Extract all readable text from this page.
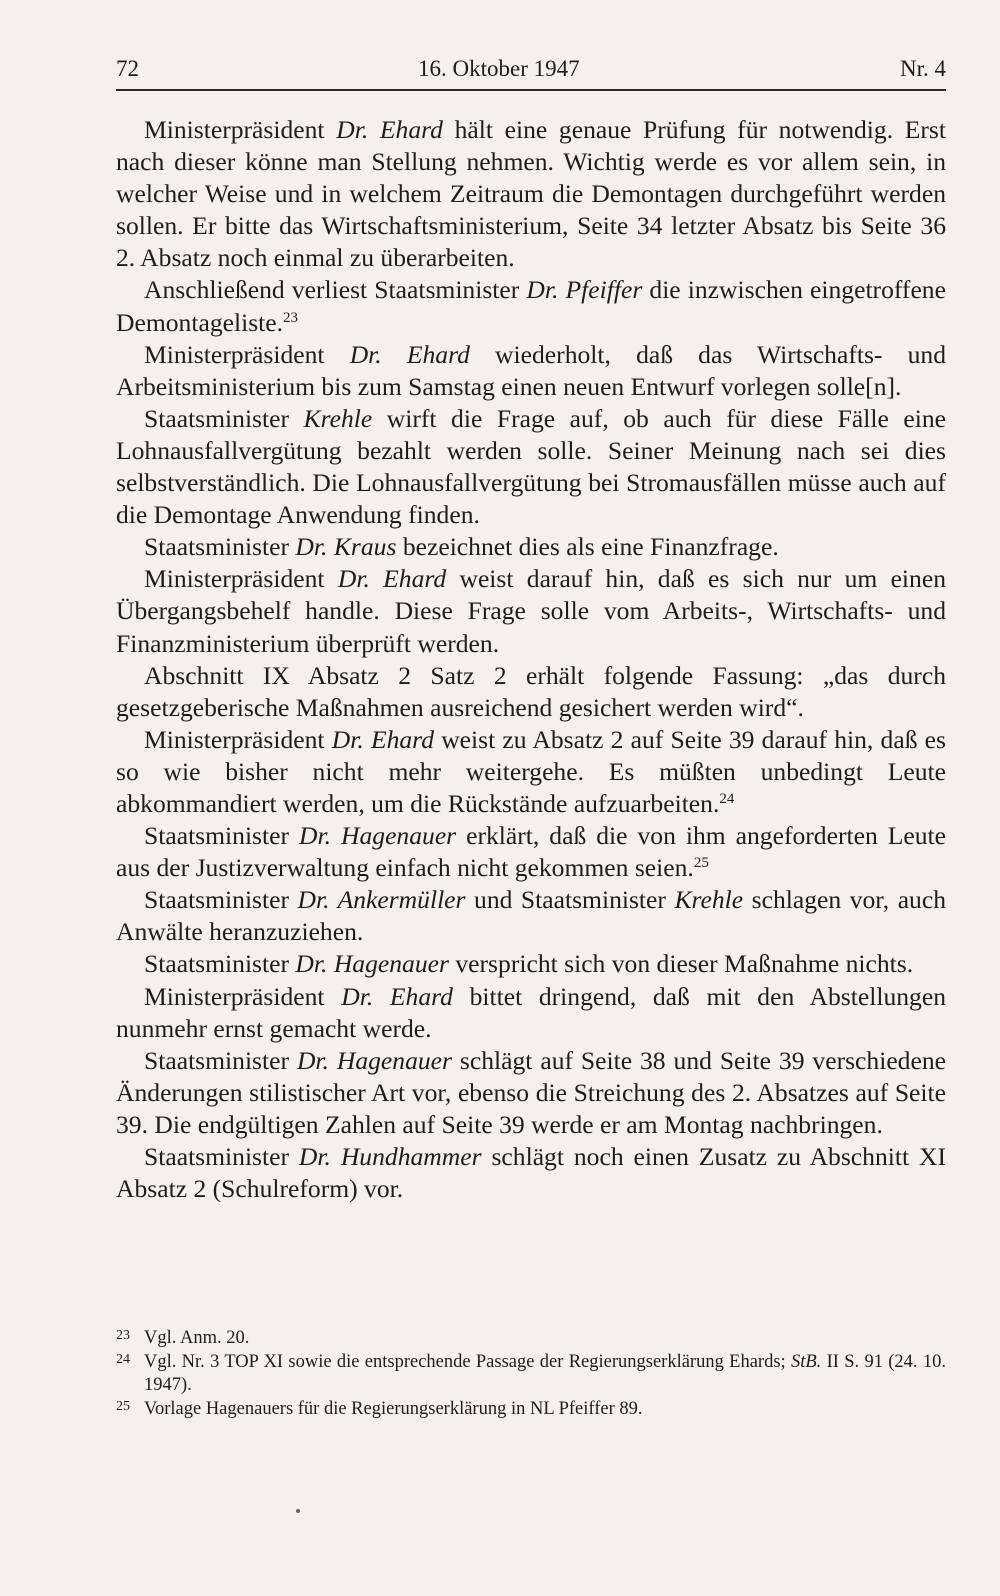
72	16. Oktober 1947	Nr. 4

Ministerpräsident Dr. Ehard hält eine genaue Prüfung für notwendig. Erst nach dieser könne man Stellung nehmen. Wichtig werde es vor allem sein, in welcher Weise und in welchem Zeitraum die Demontagen durchgeführt werden sollen. Er bitte das Wirtschaftsministerium, Seite 34 letzter Absatz bis Seite 36 2. Absatz noch einmal zu überarbeiten.

Anschließend verliest Staatsminister Dr. Pfeiffer die inzwischen eingetroffene Demontageliste.$^{23}$

Ministerpräsident Dr. Ehard wiederholt, daß das Wirtschafts- und Arbeitsministerium bis zum Samstag einen neuen Entwurf vorlegen solle[n].

Staatsminister Krehle wirft die Frage auf, ob auch für diese Fälle eine Lohnausfallvergütung bezahlt werden solle. Seiner Meinung nach sei dies selbstverständlich. Die Lohnausfallvergütung bei Stromausfällen müsse auch auf die Demontage Anwendung finden.

Staatsminister Dr. Kraus bezeichnet dies als eine Finanzfrage.

Ministerpräsident Dr. Ehard weist darauf hin, daß es sich nur um einen Übergangsbehelf handle. Diese Frage solle vom Arbeits-, Wirtschafts- und Finanzministerium überprüft werden.

Abschnitt IX Absatz 2 Satz 2 erhält folgende Fassung: „das durch gesetzgeberische Maßnahmen ausreichend gesichert werden wird“.

Ministerpräsident Dr. Ehard weist zu Absatz 2 auf Seite 39 darauf hin, daß es so wie bisher nicht mehr weitergehe. Es müßten unbedingt Leute abkommandiert werden, um die Rückstände aufzuarbeiten.$^{24}$

Staatsminister Dr. Hagenauer erklärt, daß die von ihm angeforderten Leute aus der Justizverwaltung einfach nicht gekommen seien.$^{25}$

Staatsminister Dr. Ankermüller und Staatsminister Krehle schlagen vor, auch Anwälte heranzuziehen.

Staatsminister Dr. Hagenauer verspricht sich von dieser Maßnahme nichts.

Ministerpräsident Dr. Ehard bittet dringend, daß mit den Abstellungen nunmehr ernst gemacht werde.

Staatsminister Dr. Hagenauer schlägt auf Seite 38 und Seite 39 verschiedene Änderungen stilistischer Art vor, ebenso die Streichung des 2. Absatzes auf Seite 39. Die endgültigen Zahlen auf Seite 39 werde er am Montag nachbringen.

Staatsminister Dr. Hundhammer schlägt noch einen Zusatz zu Abschnitt XI Absatz 2 (Schulreform) vor.

23 Vgl. Anm. 20.
24 Vgl. Nr. 3 TOP XI sowie die entsprechende Passage der Regierungserklärung Ehards; StB. II S. 91 (24. 10. 1947).
25 Vorlage Hagenauers für die Regierungserklärung in NL Pfeiffer 89.
